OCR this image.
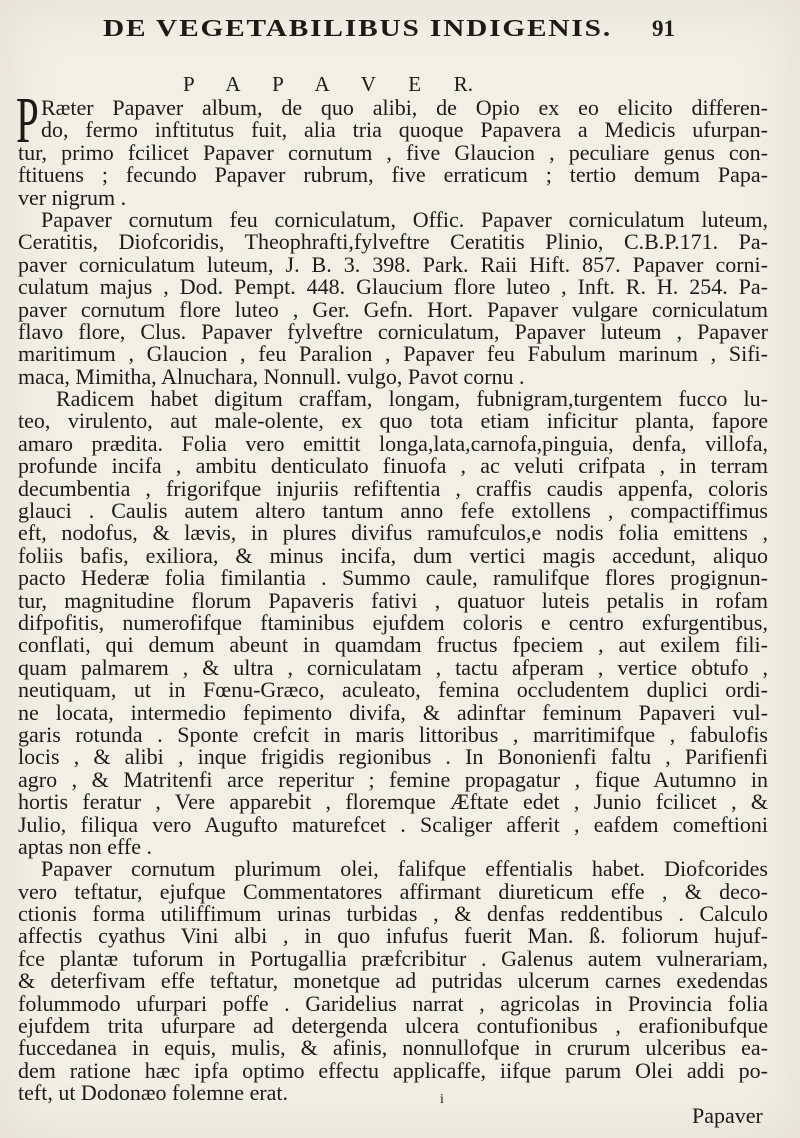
DE VEGETABILIBUS INDIGENIS.	91
P A P A V E R.
P Ræter Papaver album, de quo alibi, de Opio ex eo elicito differen-
do, fermo inftitutus fuit, alia tria quoque Papavera a Medicis ufurpan-
tur, primo fcilicet Papaver cornutum , five Glaucion , peculiare genus con-
ftituens ; fecundo Papaver rubrum, five erraticum ; tertio demum Papa-
ver nigrum .
Papaver cornutum feu corniculatum, Offic. Papaver corniculatum luteum,
Ceratitis, Diofcoridis, Theophrafti,fylveftre Ceratitis Plinio, C.B.P.171. Pa-
paver corniculatum luteum, J. B. 3. 398. Park. Raii Hift. 857. Papaver corni-
culatum majus , Dod. Pempt. 448. Glaucium flore luteo , Inft. R. H. 254. Pa-
paver cornutum flore luteo , Ger. Gefn. Hort. Papaver vulgare corniculatum
flavo flore, Clus. Papaver fylveftre corniculatum, Papaver luteum , Papaver
maritimum , Glaucion , feu Paralion , Papaver feu Fabulum marinum , Sifi-
maca, Mimitha, Alnuchara, Nonnull. vulgo, Pavot cornu .
Radicem habet digitum craffam, longam, fubnigram,turgentem fucco lu-
teo, virulento, aut male-olente, ex quo tota etiam inficitur planta, fapore
amaro prædita. Folia vero emittit longa,lata,carnofa,pinguia, denfa, villofa,
profunde incifa , ambitu denticulato finuofa , ac veluti crifpata , in terram
decumbentia , frigorifque injuriis refiftentia , craffis caudis appenfa, coloris
glauci . Caulis autem altero tantum anno fefe extollens , compactiffimus
eft, nodofus, & lævis, in plures divifus ramufculos,e nodis folia emittens ,
foliis bafis, exiliora, & minus incifa, dum vertici magis accedunt, aliquo
pacto Hederæ folia fimilantia . Summo caule, ramulifque flores progignun-
tur, magnitudine florum Papaveris fativi , quatuor luteis petalis in rofam
difpofitis, numerofifque ftaminibus ejufdem coloris e centro exfurgentibus,
conflati, qui demum abeunt in quamdam fructus fpeciem , aut exilem fili-
quam palmarem , & ultra , corniculatam , tactu afperam , vertice obtufo ,
neutiquam, ut in Fœnu-Græco, aculeato, femina occludentem duplici ordi-
ne locata, intermedio fepimento divifa, & adinftar feminum Papaveri vul-
garis rotunda . Sponte crefcit in maris littoribus , marritimifque , fabulofis
locis , & alibi , inque frigidis regionibus . In Bononienfi faltu , Parifienfi
agro , & Matritenfi arce reperitur ; femine propagatur , fique Autumno in
hortis feratur , Vere apparebit , floremque Æftate edet , Junio fcilicet , &
Julio, filiqua vero Augufto maturefcet . Scaliger afferit , eafdem comeftioni
aptas non effe .
Papaver cornutum plurimum olei, falifque effentialis habet. Diofcorides
vero teftatur, ejufque Commentatores affirmant diureticum effe , & deco-
ctionis forma utiliffimum urinas turbidas , & denfas reddentibus . Calculo
affectis cyathus Vini albi , in quo infufus fuerit Man. ß. foliorum hujuf-
fce plantæ tuforum in Portugallia præfcribitur . Galenus autem vulnerariam,
& deterfivam effe teftatur, monetque ad putridas ulcerum carnes exedendas
folummodo ufurpari poffe . Garidelius narrat , agricolas in Provincia folia
ejufdem trita ufurpare ad detergenda ulcera contufionibus , erafionibufque
fuccedanea in equis, mulis, & afinis, nonnullofque in crurum ulceribus ea-
dem ratione hæc ipfa optimo effectu applicaffe, iifque parum Olei addi po-
teft, ut Dodonæo folemne erat.	i
Papaver
